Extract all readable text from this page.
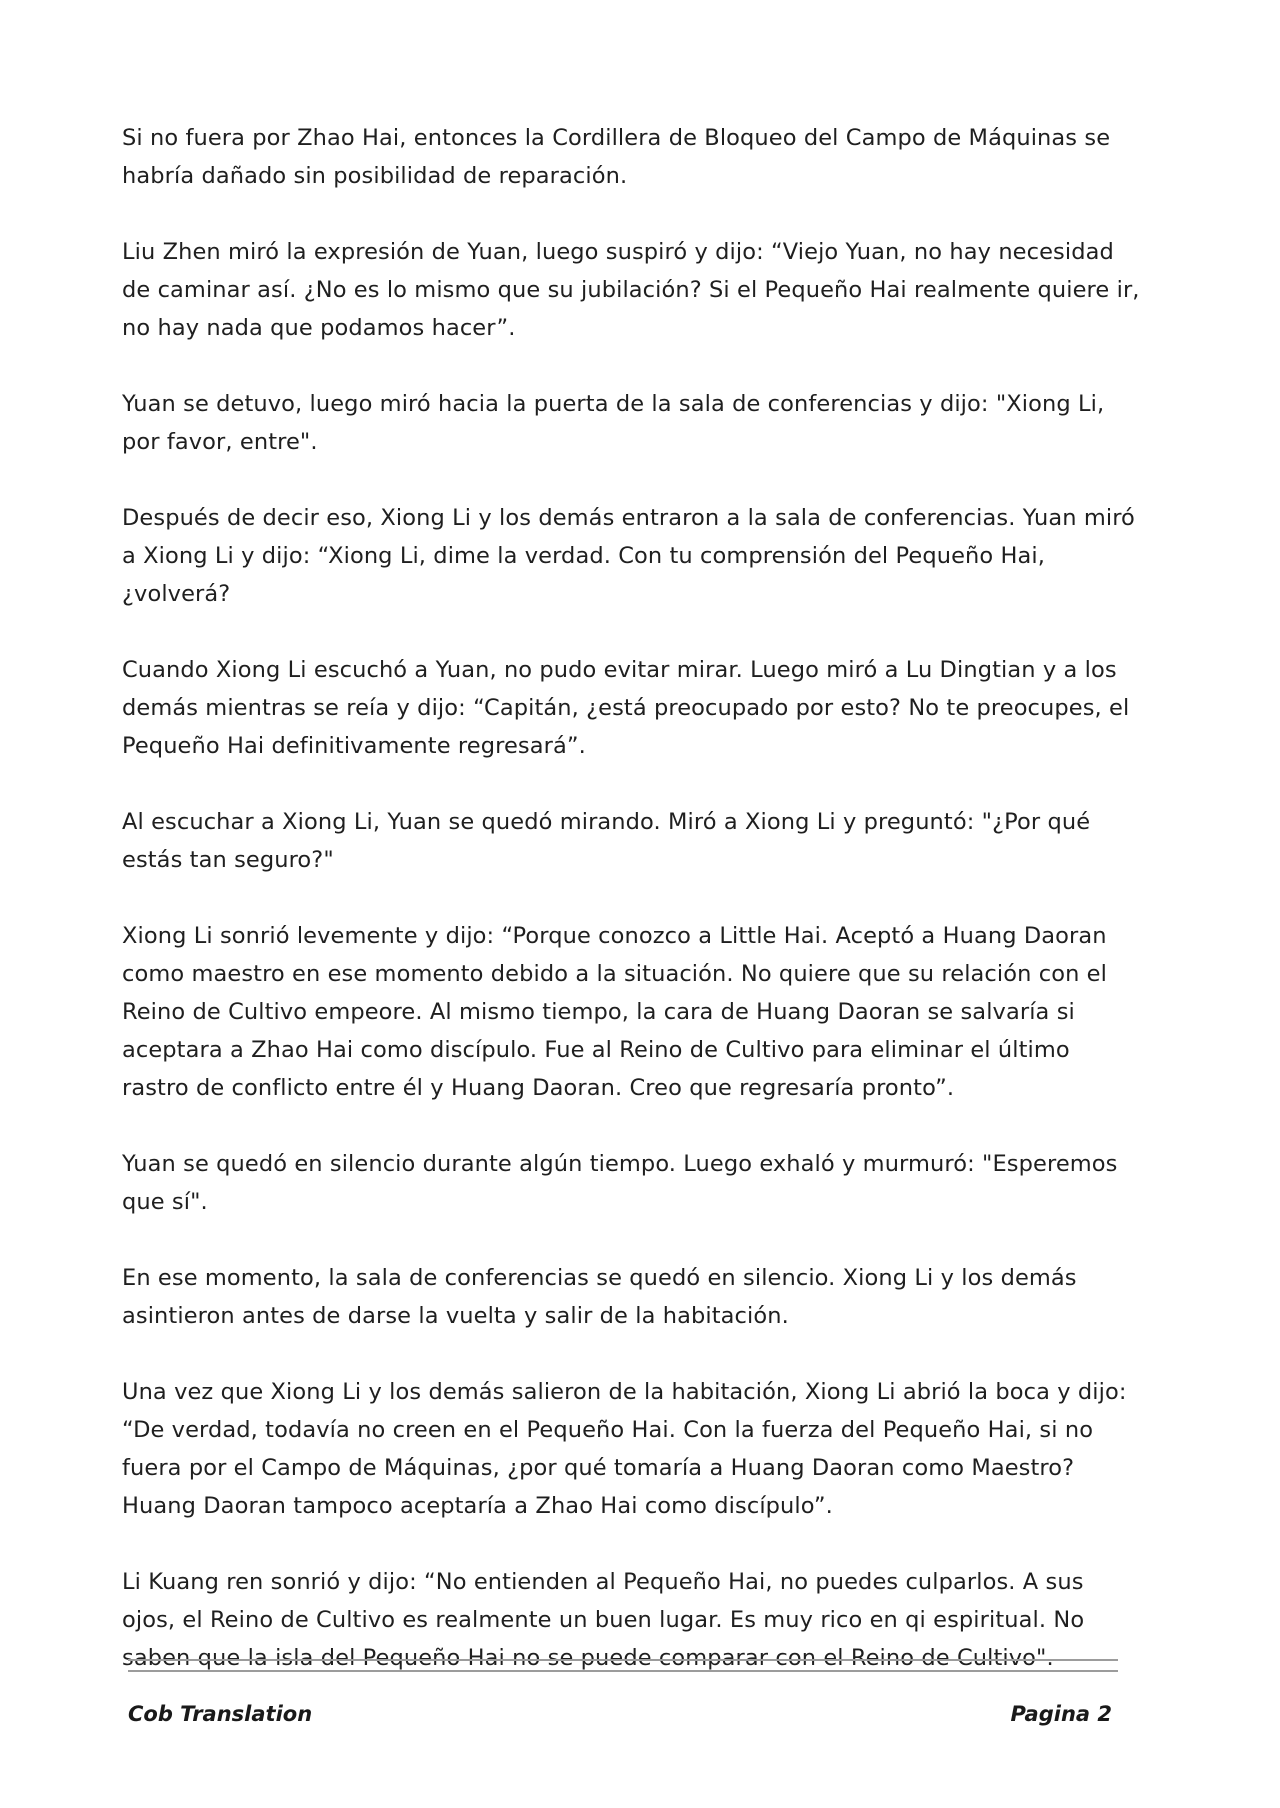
Si no fuera por Zhao Hai, entonces la Cordillera de Bloqueo del Campo de Máquinas se habría dañado sin posibilidad de reparación.

Liu Zhen miró la expresión de Yuan, luego suspiró y dijo: “Viejo Yuan, no hay necesidad de caminar así. ¿No es lo mismo que su jubilación? Si el Pequeño Hai realmente quiere ir, no hay nada que podamos hacer”.

Yuan se detuvo, luego miró hacia la puerta de la sala de conferencias y dijo: "Xiong Li, por favor, entre".

Después de decir eso, Xiong Li y los demás entraron a la sala de conferencias. Yuan miró a Xiong Li y dijo: “Xiong Li, dime la verdad. Con tu comprensión del Pequeño Hai, ¿volverá?

Cuando Xiong Li escuchó a Yuan, no pudo evitar mirar. Luego miró a Lu Dingtian y a los demás mientras se reía y dijo: “Capitán, ¿está preocupado por esto? No te preocupes, el Pequeño Hai definitivamente regresará”.

Al escuchar a Xiong Li, Yuan se quedó mirando. Miró a Xiong Li y preguntó: "¿Por qué estás tan seguro?"

Xiong Li sonrió levemente y dijo: “Porque conozco a Little Hai. Aceptó a Huang Daoran como maestro en ese momento debido a la situación. No quiere que su relación con el Reino de Cultivo empeore. Al mismo tiempo, la cara de Huang Daoran se salvaría si aceptara a Zhao Hai como discípulo. Fue al Reino de Cultivo para eliminar el último rastro de conflicto entre él y Huang Daoran. Creo que regresaría pronto”.

Yuan se quedó en silencio durante algún tiempo. Luego exhaló y murmuró: "Esperemos que sí".

En ese momento, la sala de conferencias se quedó en silencio. Xiong Li y los demás asintieron antes de darse la vuelta y salir de la habitación.

Una vez que Xiong Li y los demás salieron de la habitación, Xiong Li abrió la boca y dijo: “De verdad, todavía no creen en el Pequeño Hai. Con la fuerza del Pequeño Hai, si no fuera por el Campo de Máquinas, ¿por qué tomaría a Huang Daoran como Maestro? Huang Daoran tampoco aceptaría a Zhao Hai como discípulo”.

Li Kuang ren sonrió y dijo: “No entienden al Pequeño Hai, no puedes culparlos. A sus ojos, el Reino de Cultivo es realmente un buen lugar. Es muy rico en qi espiritual. No saben que la isla del Pequeño Hai no se puede comparar con el Reino de Cultivo".

Cob Translation	Pagina 2
